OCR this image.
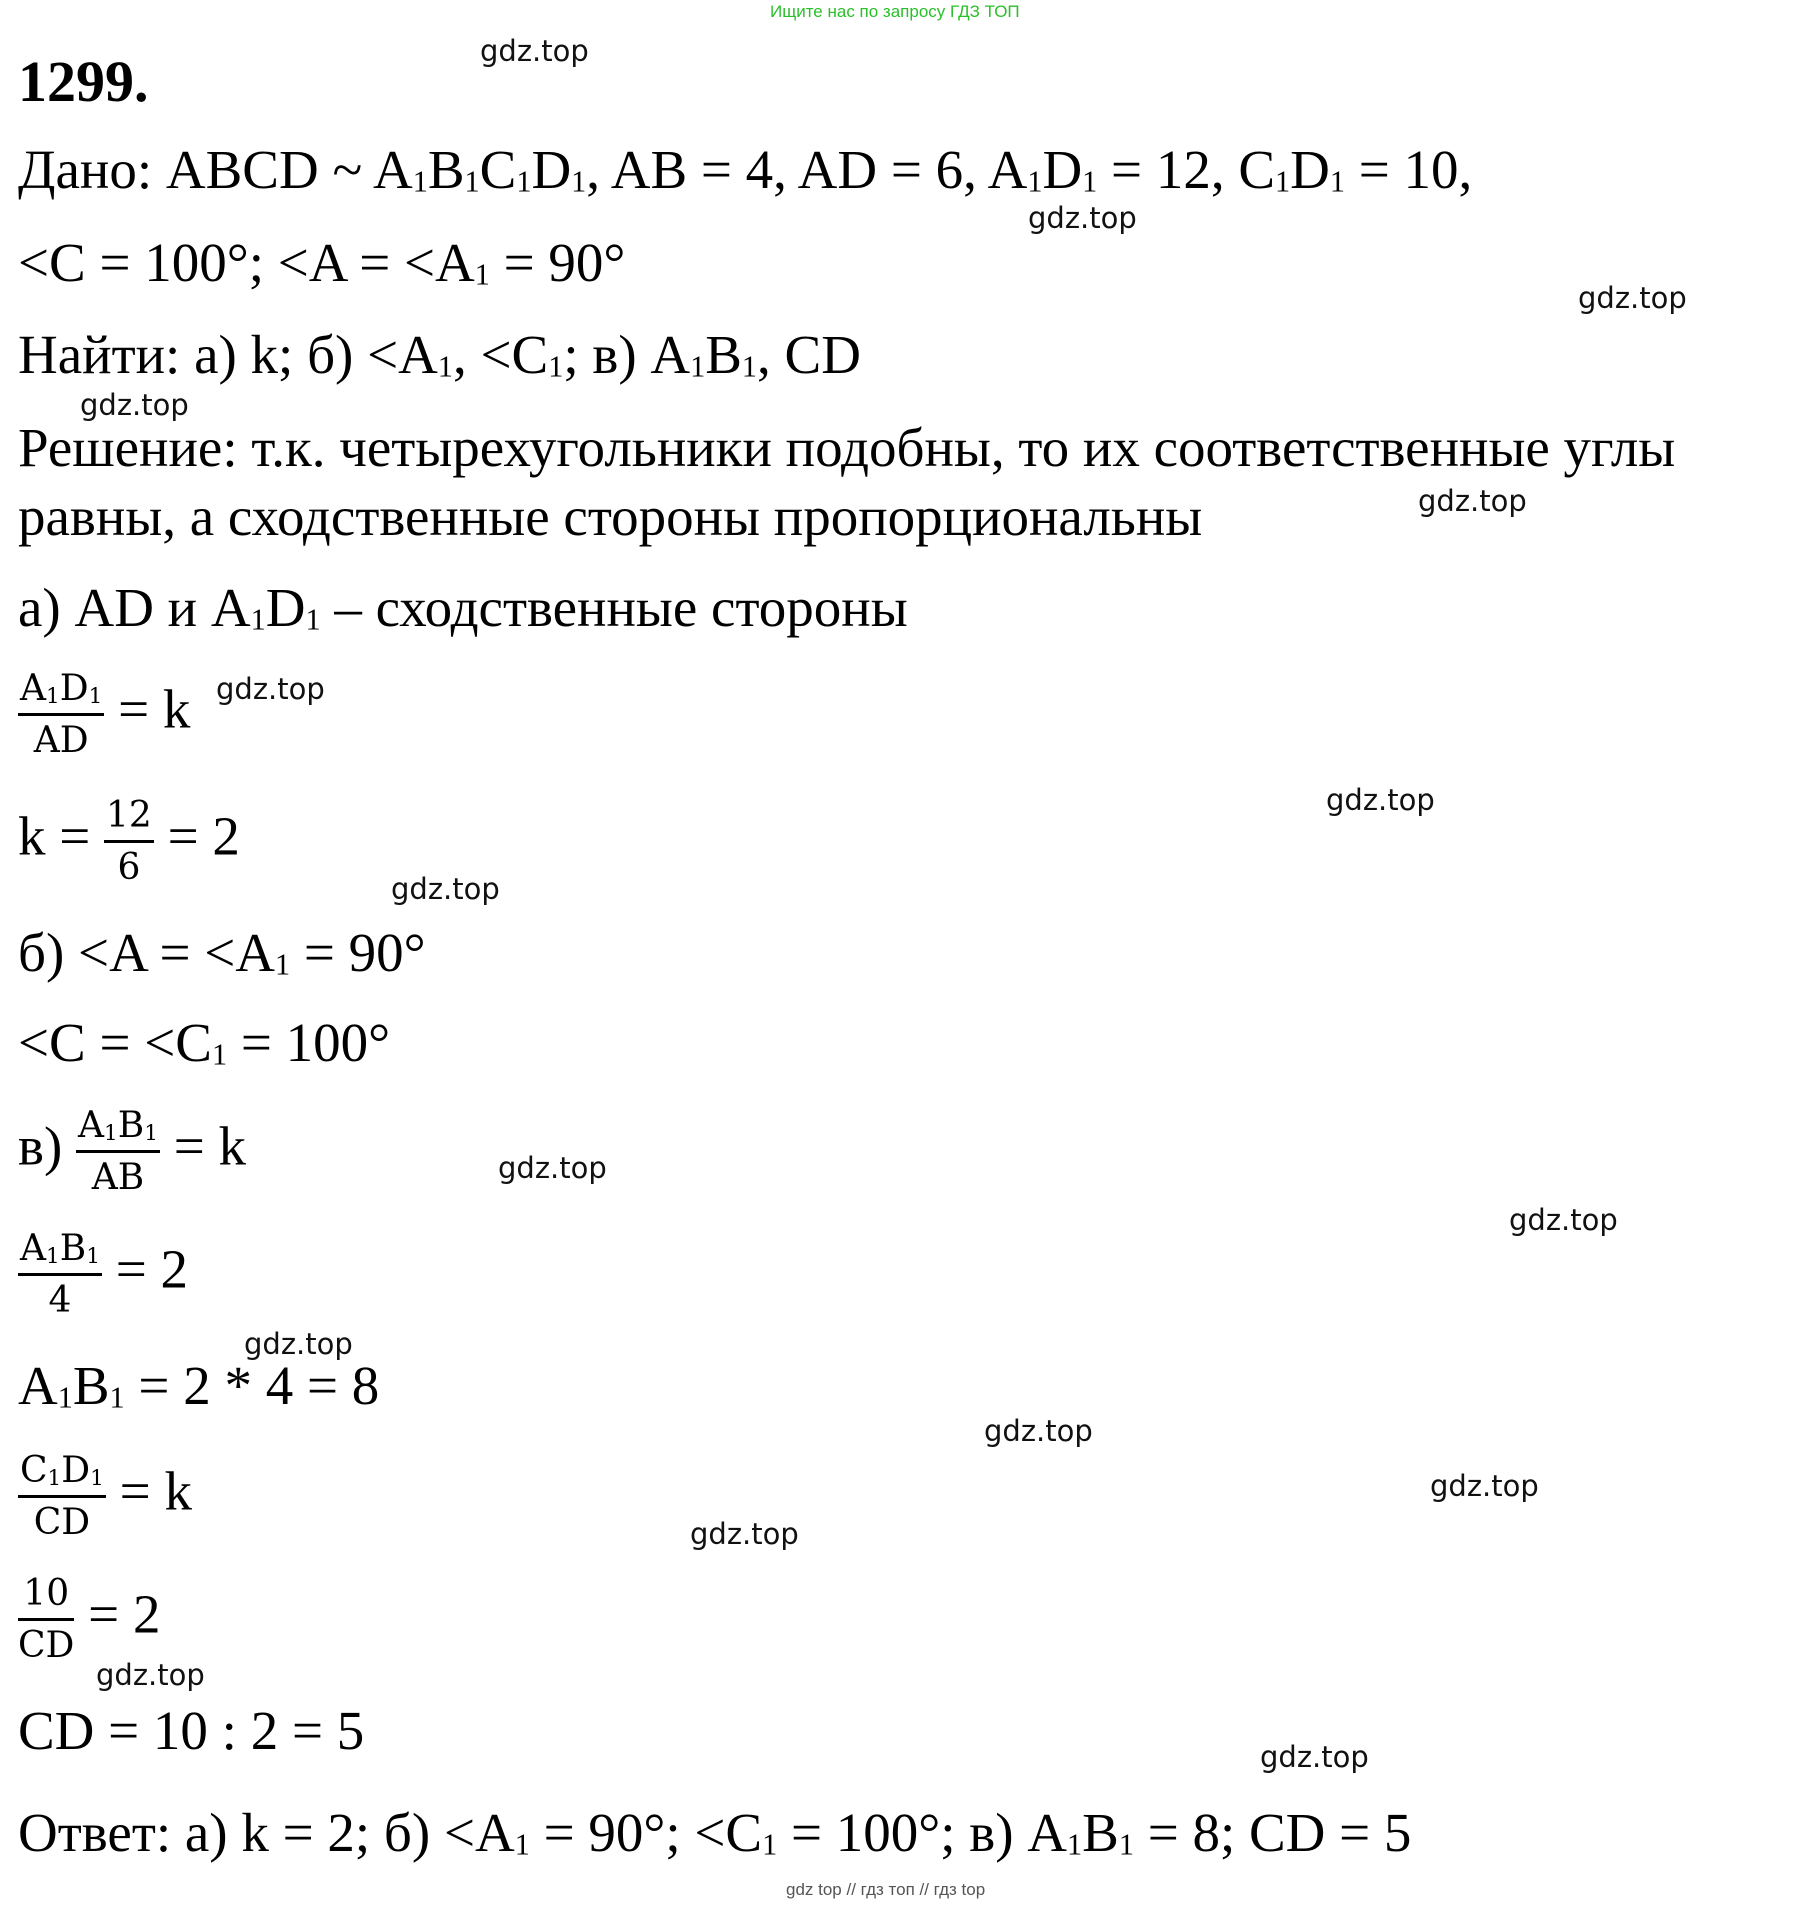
Ищите нас по запросу ГДЗ ТОП
1299.
Дано: ABCD ~ $A_1B_1C_1D_1$, AB = 4, AD = 6, $A_1D_1 = 12$, $C_1D_1 = 10$,
<C = 100°; $<A = <A_1 = 90^\circ$
Найти: а) k; $б) <A_1$, $<C_1$; в) $A_1B_1$, CD
Решение: т.к. четырехугольники подобны, то их соответственные углы
равны, а сходственные стороны пропорциональны
а) AD и $A_1D_1$ – сходственные стороны
$\frac{A_1D_1}{AD} = k$
$k = \frac{12}{6} = 2$
$б) <A = <A_1 = 90^\circ$
$<C = <C_1 = 100^\circ$
$в) \frac{A_1B_1}{AB} = k$
$\frac{A_1B_1}{4} = 2$
$A_1B_1 = 2 * 4 = 8$
$\frac{C_1D_1}{CD} = k$
$\frac{10}{CD} = 2$
CD = 10 : 2 = 5
Ответ: а) k = 2; $б) <A_1 = 90^\circ$; $<C_1 = 100^\circ$; в) $A_1B_1 = 8$; CD = 5
gdz.top
gdz.top
gdz.top
gdz.top
gdz.top
gdz.top
gdz.top
gdz.top
gdz.top
gdz.top
gdz.top
gdz.top
gdz.top
gdz.top
gdz.top
gdz.top
gdz top // гдз топ // гдз top
